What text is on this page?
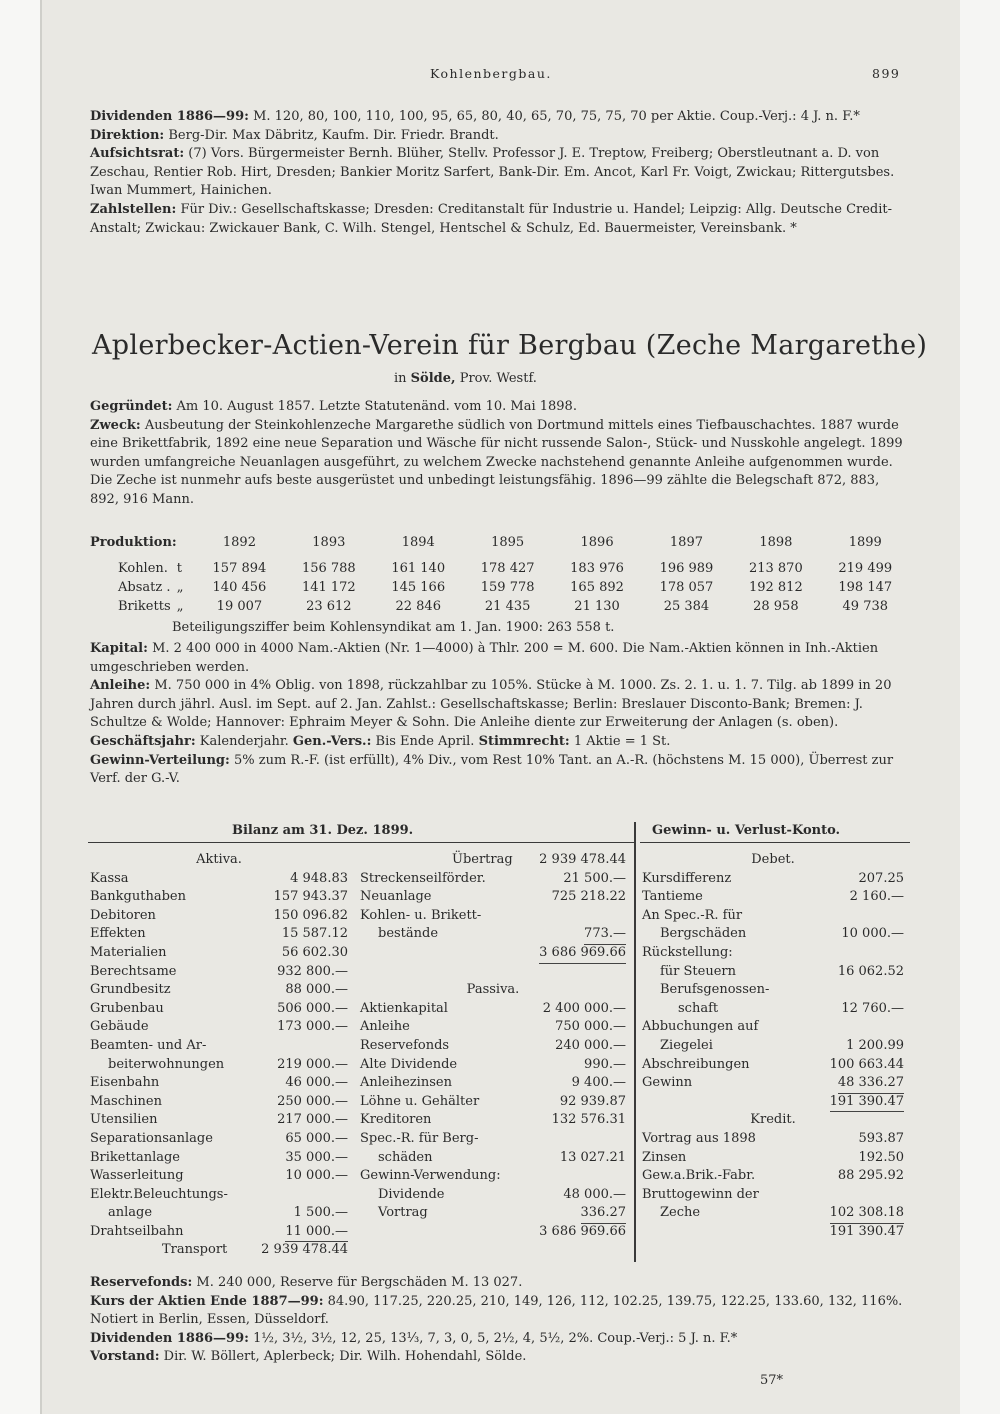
Kohlenbergbau.	899

Dividenden 1886—99: M. 120, 80, 100, 110, 100, 95, 65, 80, 40, 65, 70, 75, 75, 70 per Aktie. Coup.-Verj.: 4 J. n. F.*

Direktion: Berg-Dir. Max Däbritz, Kaufm. Dir. Friedr. Brandt.

Aufsichtsrat: (7) Vors. Bürgermeister Bernh. Blüher, Stellv. Professor J. E. Treptow, Freiberg; Oberstleutnant a. D. von Zeschau, Rentier Rob. Hirt, Dresden; Bankier Moritz Sarfert, Bank-Dir. Em. Ancot, Karl Fr. Voigt, Zwickau; Rittergutsbes. Iwan Mummert, Hainichen.

Zahlstellen: Für Div.: Gesellschaftskasse; Dresden: Creditanstalt für Industrie u. Handel; Leipzig: Allg. Deutsche Credit-Anstalt; Zwickau: Zwickauer Bank, C. Wilh. Stengel, Hentschel & Schulz, Ed. Bauermeister, Vereinsbank. *

Aplerbecker-Actien-Verein für Bergbau (Zeche Margarethe)
in Sölde, Prov. Westf.

Gegründet: Am 10. August 1857. Letzte Statutenänd. vom 10. Mai 1898.

Zweck: Ausbeutung der Steinkohlenzeche Margarethe südlich von Dortmund mittels eines Tiefbauschachtes. 1887 wurde eine Brikettfabrik, 1892 eine neue Separation und Wäsche für nicht russende Salon-, Stück- und Nusskohle angelegt. 1899 wurden umfangreiche Neuanlagen ausgeführt, zu welchem Zwecke nachstehend genannte Anleihe aufgenommen wurde. Die Zeche ist nunmehr aufs beste ausgerüstet und unbedingt leistungsfähig. 1896—99 zählte die Belegschaft 872, 883, 892, 916 Mann.

Produktion:		1892	1893	1894	1895	1896	1897	1898	1899

Kohlen.	t	157 894	156 788	161 140	178 427	183 976	196 989	213 870	219 499
Absatz .	„	140 456	141 172	145 166	159 778	165 892	178 057	192 812	198 147
Briketts	„	19 007	23 612	22 846	21 435	21 130	25 384	28 958	49 738
Beteiligungsziffer beim Kohlensyndikat am 1. Jan. 1900: 263 558 t.

Kapital: M. 2 400 000 in 4000 Nam.-Aktien (Nr. 1—4000) à Thlr. 200 = M. 600. Die Nam.-Aktien können in Inh.-Aktien umgeschrieben werden.

Anleihe: M. 750 000 in 4% Oblig. von 1898, rückzahlbar zu 105%. Stücke à M. 1000. Zs. 2. 1. u. 1. 7. Tilg. ab 1899 in 20 Jahren durch jährl. Ausl. im Sept. auf 2. Jan. Zahlst.: Gesellschaftskasse; Berlin: Breslauer Disconto-Bank; Bremen: J. Schultze & Wolde; Hannover: Ephraim Meyer & Sohn. Die Anleihe diente zur Erweiterung der Anlagen (s. oben).

Geschäftsjahr: Kalenderjahr. Gen.-Vers.: Bis Ende April. Stimmrecht: 1 Aktie = 1 St.

Gewinn-Verteilung: 5% zum R.-F. (ist erfüllt), 4% Div., vom Rest 10% Tant. an A.-R. (höchstens M. 15 000), Überrest zur Verf. der G.-V.

Bilanz am 31. Dez. 1899.	Gewinn- u. Verlust-Konto.
Aktiva.
Kassa	4 948.83
Bankguthaben	157 943.37
Debitoren	150 096.82
Effekten	15 587.12
Materialien	56 602.30
Berechtsame	932 800.—
Grundbesitz	88 000.—
Grubenbau	506 000.—
Gebäude	173 000.—
Beamten- und Ar-
beiterwohnungen	219 000.—
Eisenbahn	46 000.—
Maschinen	250 000.—
Utensilien	217 000.—
Separationsanlage	65 000.—
Brikettanlage	35 000.—
Wasserleitung	10 000.—
Elektr.Beleuchtungs-
anlage	1 500.—
Drahtseilbahn	11 000.—
Transport	2 939 478.44
Übertrag 2 939 478.44
Streckenseilförder.	21 500.—
Neuanlage	725 218.22
Kohlen- u. Brikett-
bestände	773.—
3 686 969.66
Passiva.
Aktienkapital	2 400 000.—
Anleihe	750 000.—
Reservefonds	240 000.—
Alte Dividende	990.—
Anleihezinsen	9 400.—
Löhne u. Gehälter	92 939.87
Kreditoren	132 576.31
Spec.-R. für Berg-
schäden	13 027.21
Gewinn-Verwendung:
Dividende	48 000.—
Vortrag	336.27
3 686 969.66
Debet.
Kursdifferenz	207.25
Tantieme	2 160.—
An Spec.-R. für
Bergschäden	10 000.—
Rückstellung:
für Steuern	16 062.52
Berufsgenossen-
schaft	12 760.—
Abbuchungen auf
Ziegelei	1 200.99
Abschreibungen	100 663.44
Gewinn	48 336.27
191 390.47
Kredit.
Vortrag aus 1898	593.87
Zinsen	192.50
Gew.a.Brik.-Fabr.	88 295.92
Bruttogewinn der
Zeche	102 308.18
191 390.47

Reservefonds: M. 240 000, Reserve für Bergschäden M. 13 027.

Kurs der Aktien Ende 1887—99: 84.90, 117.25, 220.25, 210, 149, 126, 112, 102.25, 139.75, 122.25, 133.60, 132, 116%. Notiert in Berlin, Essen, Düsseldorf.

Dividenden 1886—99: 1½, 3½, 3½, 12, 25, 13⅓, 7, 3, 0, 5, 2½, 4, 5½, 2%. Coup.-Verj.: 5 J. n. F.*

Vorstand: Dir. W. Böllert, Aplerbeck; Dir. Wilh. Hohendahl, Sölde.

57*
